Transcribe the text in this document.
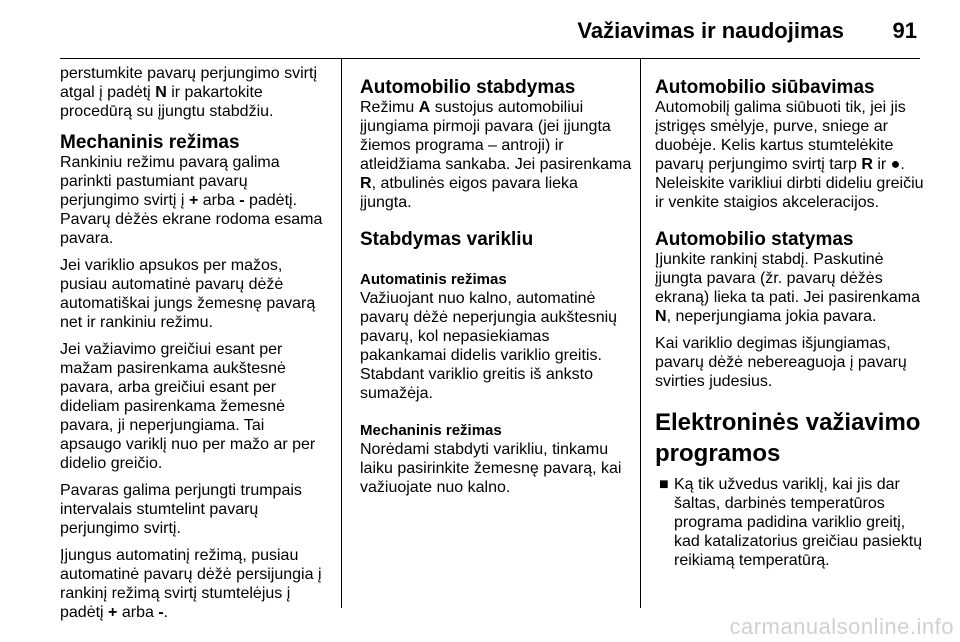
Važiavimas ir naudojimas 91

perstumkite pavarų perjungimo svirtį atgal į padėtį N ir pakartokite procedūrą su įjungtu stabdžiu.

Mechaninis režimas

Rankiniu režimu pavarą galima parinkti pastumiant pavarų perjungimo svirtį į + arba - padėtį. Pavarų dėžės ekrane rodoma esama pavara.

Jei variklio apsukos per mažos, pusiau automatinė pavarų dėžė automatiškai jungs žemesnę pavarą net ir rankiniu režimu.

Jei važiavimo greičiui esant per mažam pasirenkama aukštesnė pavara, arba greičiui esant per dideliam pasirenkama žemesnė pavara, ji neperjungiama. Tai apsaugo variklį nuo per mažo ar per didelio greičio.

Pavaras galima perjungti trumpais intervalais stumtelint pavarų perjungimo svirtį.

Įjungus automatinį režimą, pusiau automatinė pavarų dėžė persijungia į rankinį režimą svirtį stumtelėjus į padėtį + arba -.

Automobilio stabdymas

Režimu A sustojus automobiliui įjungiama pirmoji pavara (jei įjungta žiemos programa – antroji) ir atleidžiama sankaba. Jei pasirenkama R, atbulinės eigos pavara lieka įjungta.

Stabdymas varikliu
Automatinis režimas

Važiuojant nuo kalno, automatinė pavarų dėžė neperjungia aukštesnių pavarų, kol nepasiekiamas pakankamai didelis variklio greitis. Stabdant variklio greitis iš anksto sumažėja.

Mechaninis režimas

Norėdami stabdyti varikliu, tinkamu laiku pasirinkite žemesnę pavarą, kai važiuojate nuo kalno.

Automobilio siūbavimas

Automobilį galima siūbuoti tik, jei jis įstrigęs smėlyje, purve, sniege ar duobėje. Kelis kartus stumtelėkite pavarų perjungimo svirtį tarp R ir ●. Neleiskite varikliui dirbti dideliu greičiu ir venkite staigios akceleracijos.

Automobilio statymas

Įjunkite rankinį stabdį. Paskutinė įjungta pavara (žr. pavarų dėžės ekraną) lieka ta pati. Jei pasirenkama N, neperjungiama jokia pavara.

Kai variklio degimas išjungiamas, pavarų dėžė nebereaguoja į pavarų svirties judesius.

Elektroninės važiavimo programos
■ Ką tik užvedus variklį, kai jis dar šaltas, darbinės temperatūros programa padidina variklio greitį, kad katalizatorius greičiau pasiektų reikiamą temperatūrą.
carmanualsonline.info
